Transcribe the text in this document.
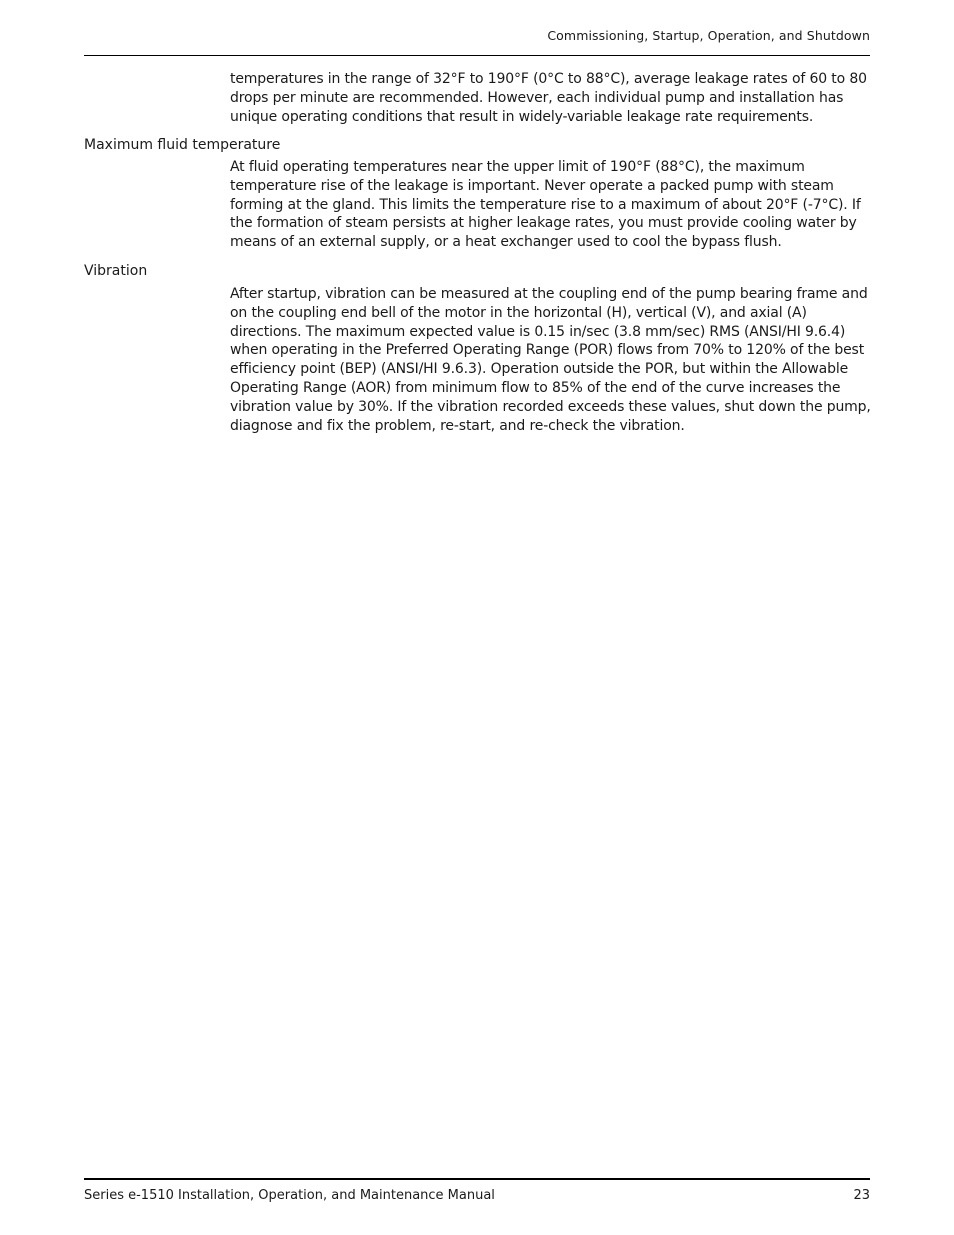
Commissioning, Startup, Operation, and Shutdown

temperatures in the range of 32°F to 190°F (0°C to 88°C), average leakage rates of 60 to 80 drops per minute are recommended. However, each individual pump and installation has unique operating conditions that result in widely-variable leakage rate requirements.

Maximum fluid temperature

At fluid operating temperatures near the upper limit of 190°F (88°C), the maximum temperature rise of the leakage is important. Never operate a packed pump with steam forming at the gland. This limits the temperature rise to a maximum of about 20°F (-7°C). If the formation of steam persists at higher leakage rates, you must provide cooling water by means of an external supply, or a heat exchanger used to cool the bypass flush.

Vibration

After startup, vibration can be measured at the coupling end of the pump bearing frame and on the coupling end bell of the motor in the horizontal (H), vertical (V), and axial (A) directions. The maximum expected value is 0.15 in/sec (3.8 mm/sec) RMS (ANSI/HI 9.6.4) when operating in the Preferred Operating Range (POR) flows from 70% to 120% of the best efficiency point (BEP) (ANSI/HI 9.6.3). Operation outside the POR, but within the Allowable Operating Range (AOR) from minimum flow to 85% of the end of the curve increases the vibration value by 30%. If the vibration recorded exceeds these values, shut down the pump, diagnose and fix the problem, re-start, and re-check the vibration.

Series e-1510 Installation, Operation, and Maintenance Manual	23
